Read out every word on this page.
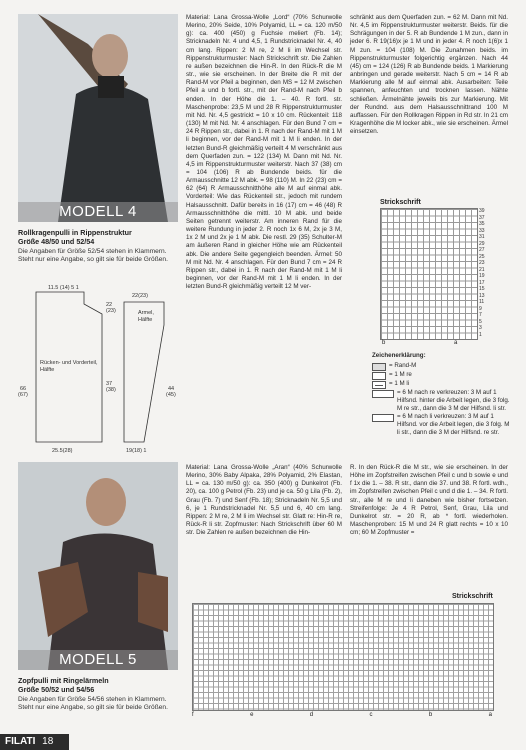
MODELL 4
Rollkragenpulli in Rippenstruktur
Größe 48/50 und 52/54
Die Angaben für Größe 52/54 stehen in Klammern. Steht nur eine Angabe, so gilt sie für beide Größen.
11.5 (14) 5 1
22(23)
22
(23)
37
(38)
66
(67)
44
(45)
25.5(28)	19(18) 1
Rücken- und Vorderteil, Hälfte
Ärmel, Hälfte
Material: Lana Grossa-Wolle „Lord“ (70% Schurwolle Merino, 20% Seide, 10% Polyamid, LL = ca. 120 m/50 g): ca. 400 (450) g Fuchsie meliert (Fb. 14); Stricknadeln Nr. 4 und 4,5, 1 Rundstricknadel Nr. 4, 40 cm lang. Rippen: 2 M re, 2 M li im Wechsel str. Rippenstrukturmuster: Nach Strickschrift str. Die Zahlen re außen bezeichnen die Hin-R. In den Rück-R die M str., wie sie erscheinen. In der Breite die R mit der Rand-M vor Pfeil a beginnen, den MS = 12 M zwischen Pfeil a und b fortl. str., mit der Rand-M nach Pfeil b enden. In der Höhe die 1. – 40. R fortl. str. Maschenprobe: 23,5 M und 28 R Rippenstrukturmuster mit Nd. Nr. 4,5 gestrickt = 10 x 10 cm. Rückenteil: 118 (130) M mit Nd. Nr. 4 anschlagen. Für den Bund 7 cm = 24 R Rippen str., dabei in 1. R nach der Rand-M mit 1 M li beginnen, vor der Rand-M mit 1 M li enden. In der letzten Bund-R gleichmäßig verteilt 4 M verschränkt aus dem Querfaden zun. = 122 (134) M. Dann mit Nd. Nr. 4,5 im Rippenstrukturmuster weiterstr. Nach 37 (38) cm = 104 (106) R ab Bundende beids. für die Armausschnitte 12 M abk. = 98 (110) M. In 22 (23) cm = 62 (64) R Armausschnitthöhe alle M auf einmal abk. Vorderteil: Wie das Rückenteil str., jedoch mit rundem Halsausschnitt. Dafür bereits in 16 (17) cm = 46 (48) R Armausschnitthöhe die mittl. 10 M abk. und beide Seiten getrennt weiterstr. Am inneren Rand für die weitere Rundung in jeder 2. R noch 1x 6 M, 2x je 3 M, 1x 2 M und 2x je 1 M abk. Die restl. 29 (35) Schulter-M am äußeren Rand in gleicher Höhe wie am Rückenteil abk. Die andere Seite gegengleich beenden. Ärmel: 50 M mit Nd. Nr. 4 anschlagen. Für den Bund 7 cm = 24 R Rippen str., dabei in 1. R nach der Rand-M mit 1 M li beginnen, vor der Rand-M mit 1 M li enden. In der letzten Bund-R gleichmäßig verteilt 12 M ver-
schränkt aus dem Querfaden zun. = 62 M. Dann mit Nd. Nr. 4,5 im Rippenstrukturmuster weiterstr. Beids. für die Schrägungen in der 5. R ab Bundende 1 M zun., dann in jeder 6. R 19(16)x je 1 M und in jeder 4. R noch 1(6)x 1 M zun. = 104 (108) M. Die Zunahmen beids. im Rippenstrukturmuster folgerichtig ergänzen. Nach 44 (45) cm = 124 (126) R ab Bundende beids. 1 Markierung anbringen und gerade weiterstr. Nach 5 cm = 14 R ab Markierung alle M auf einmal abk. Ausarbeiten: Teile spannen, anfeuchten und trocknen lassen. Nähte schließen. Ärmelnähte jeweils bis zur Markierung. Mit der Rundnd. aus dem Halsausschnittrand 100 M auffassen. Für den Rollkragen Rippen in Rd str. In 21 cm Kragenhöhe die M locker abk., wie sie erscheinen. Ärmel einsetzen.
Strickschrift
39
37
35
33
31
29
27
25
23
21
19
17
15
13
11
9
7
5
3
1
b	a
Zeichenerklärung:
= Rand-M
= 1 M re
= 1 M li
= 6 M nach re verkreuzen: 3 M auf 1 Hilfsnd. hinter die Arbeit legen, die 3 folg. M re str., dann die 3 M der Hilfsnd. li str.
= 6 M nach li verkreuzen: 3 M auf 1 Hilfsnd. vor die Arbeit legen, die 3 folg. M li str., dann die 3 M der Hilfsnd. re str.
MODELL 5
Zopfpulli mit Ringelärmeln
Größe 50/52 und 54/56
Die Angaben für Größe 54/56 stehen in Klammern. Steht nur eine Angabe, so gilt sie für beide Größen.
Material: Lana Grossa-Wolle „Aran“ (40% Schurwolle Merino, 30% Baby Alpaka, 28% Polyamid, 2% Elastan, LL = ca. 130 m/50 g): ca. 350 (400) g Dunkelrot (Fb. 20), ca. 100 g Petrol (Fb. 23) und je ca. 50 g Lila (Fb. 2), Grau (Fb. 7) und Senf (Fb. 18); Stricknadeln Nr. 5,5 und 6, je 1 Rundstricknadel Nr. 5,5 und 6, 40 cm lang. Rippen: 2 M re, 2 M li im Wechsel str. Glatt re: Hin-R re, Rück-R li str. Zopfmuster: Nach Strickschrift über 60 M str. Die Zahlen re außen bezeichnen die Hin-
R. In den Rück-R die M str., wie sie erscheinen. In der Höhe im Zopfstreifen zwischen Pfeil c und b sowie e und f 1x die 1. – 38. R str., dann die 37. und 38. R fortl. wdh., im Zopfstreifen zwischen Pfeil c und d die 1. – 34. R fortl. str., alle M re und li daneben wie bisher fortsetzen. Streifenfolge: Je 4 R Petrol, Senf, Grau, Lila und Dunkelrot str. = 20 R, ab * fortl. wiederholen. Maschenproben: 15 M und 24 R glatt rechts = 10 x 10 cm; 60 M Zopfmuster =
Strickschrift
f	e	d	c	b	a
FILATI 18
